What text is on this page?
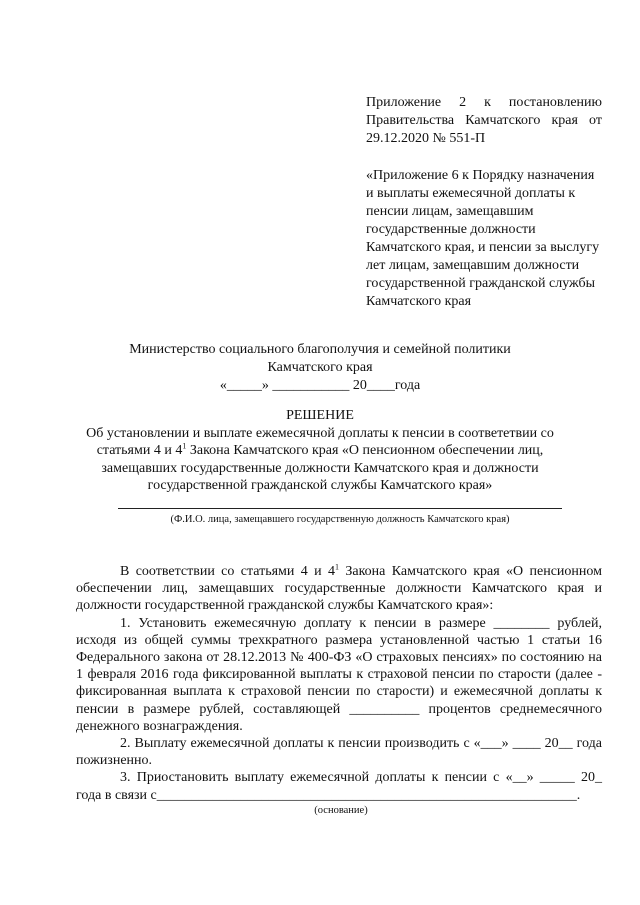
Приложение 2 к постановлению Правительства Камчатского края от 29.12.2020 № 551-П

«Приложение 6 к Порядку назначения и выплаты ежемесячной доплаты к пенсии лицам, замещавшим государственные должности Камчатского края, и пенсии за выслугу лет лицам, замещавшим должности государственной гражданской службы Камчатского края

Министерство социального благополучия и семейной политики
Камчатского края
«_____» ___________ 20____года
РЕШЕНИЕ
Об установлении и выплате ежемесячной доплаты к пенсии в соответетвии со
статьями 4 и $4^1$ Закона Камчатского края «О пенсионном обеспечении лиц,
замещавших государственные должности Камчатского края и должности
государственной гражданской службы Камчатского края»
(Ф.И.О. лица, замещавшего государственную должность Камчатского края)

В соответствии со статьями 4 и $4^1$ Закона Камчатского края «О пенсионном обеспечении лиц, замещавших государственные должности Камчатского края и должности государственной гражданской службы Камчатского края»:

1. Установить ежемесячную доплату к пенсии в размере ________ рублей, исходя из общей суммы трехкратного размера установленной частью 1 статьи 16 Федерального закона от 28.12.2013 № 400-ФЗ «О страховых пенсиях» по состоянию на 1 февраля 2016 года фиксированной выплаты к страховой пенсии по старости (далее - фиксированная выплата к страховой пенсии по старости) и ежемесячной доплаты к пенсии в размере рублей, составляющей __________ процентов среднемесячного денежного вознаграждения.

2. Выплату ежемесячной доплаты к пенсии производить с «___» ____ 20__ года пожизненно.

3. Приостановить выплату ежемесячной доплаты к пенсии с «__» _____ 20_ года в связи с____________________________________________________________.

(основание)
